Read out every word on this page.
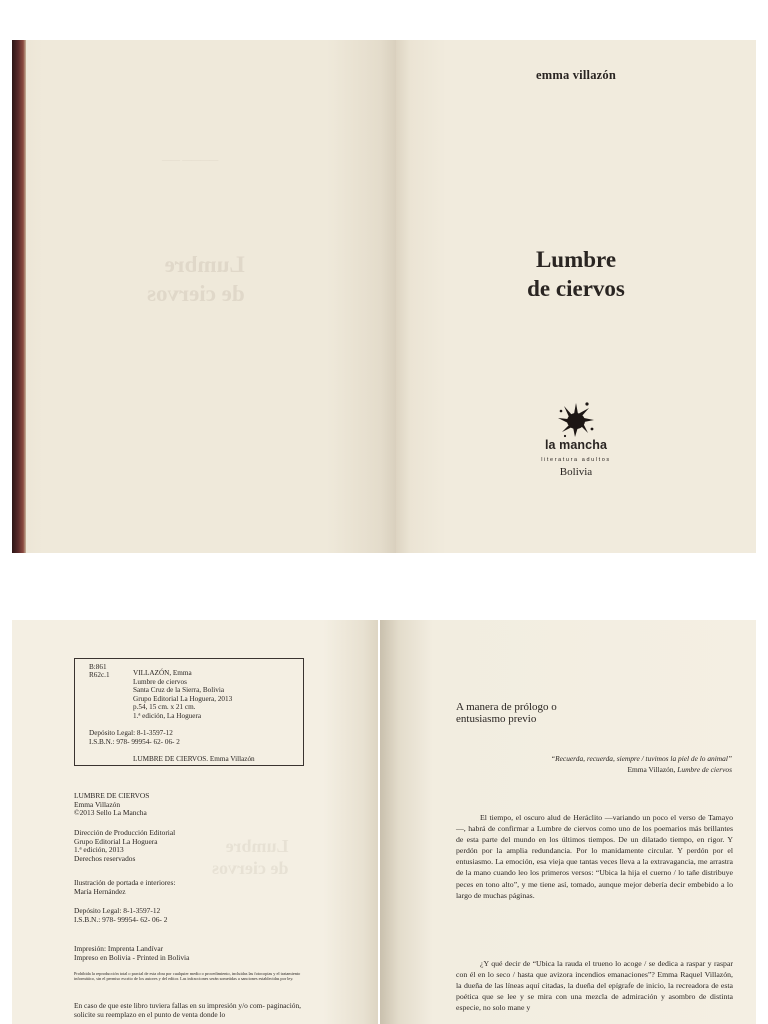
Lumbre
de ciervos
———— ——
emma villazón
Lumbre
de ciervos
la mancha
literatura adultos
Bolivia
Lumbre
de ciervos
B:861
R62c.1	VILLAZÓN, Emma
Lumbre de ciervos
Santa Cruz de la Sierra, Bolivia
Grupo Editorial La Hoguera, 2013
p.54, 15 cm. x 21 cm.
1.ª edición, La Hoguera
Depósito Legal: 8-1-3597-12
I.S.B.N.: 978- 99954- 62- 06- 2
LUMBRE DE CIERVOS. Emma Villazón
LUMBRE DE CIERVOS
Emma Villazón
©2013 Sello La Mancha
Dirección de Producción Editorial
Grupo Editorial La Hoguera
1.ª edición, 2013
Derechos reservados
Ilustración de portada e interiores:
María Hernández
Depósito Legal: 8-1-3597-12
I.S.B.N.: 978- 99954- 62- 06- 2
Impresión: Imprenta Landívar
Impreso en Bolivia - Printed in Bolivia
Prohibida la reproducción total o parcial de esta obra por cualquier medio o procedimiento, incluidas las fotocopias y el tratamiento informático, sin el permiso escrito de los autores y del editor. Las infracciones serán sometidas a sanciones establecidas por ley.
En caso de que este libro tuviera fallas en su impresión y/o com- paginación, solicite su reemplazo en el punto de venta donde lo
A manera de prólogo o
entusiasmo previo
“Recuerda, recuerda, siempre / tuvimos la piel de lo animal”
Emma Villazón, Lumbre de ciervos

El tiempo, el oscuro alud de Heráclito —variando un poco el verso de Tamayo—, habrá de confirmar a Lumbre de ciervos como uno de los poemarios más brillantes de esta parte del mundo en los últimos tiempos. De un dilatado tiempo, en rigor. Y perdón por la amplia redundancia. Por lo manidamente circular. Y perdón por el entusiasmo. La emoción, esa vieja que tantas veces lleva a la extravagancia, me arrastra de la mano cuando leo los primeros versos: “Ubica la hija el cuerno / lo tañe distribuye peces en tono alto”, y me tiene así, tomado, aunque mejor debería decir embebido a lo largo de muchas páginas.

¿Y qué decir de “Ubica la rauda el trueno lo acoge / se dedica a raspar y raspar con él en lo seco / hasta que avizora incendios emanaciones”? Emma Raquel Villazón, la dueña de las líneas aquí citadas, la dueña del epígrafe de inicio, la recreadora de esta poética que se lee y se mira con una mezcla de admiración y asombro de distinta especie, no solo mane y
